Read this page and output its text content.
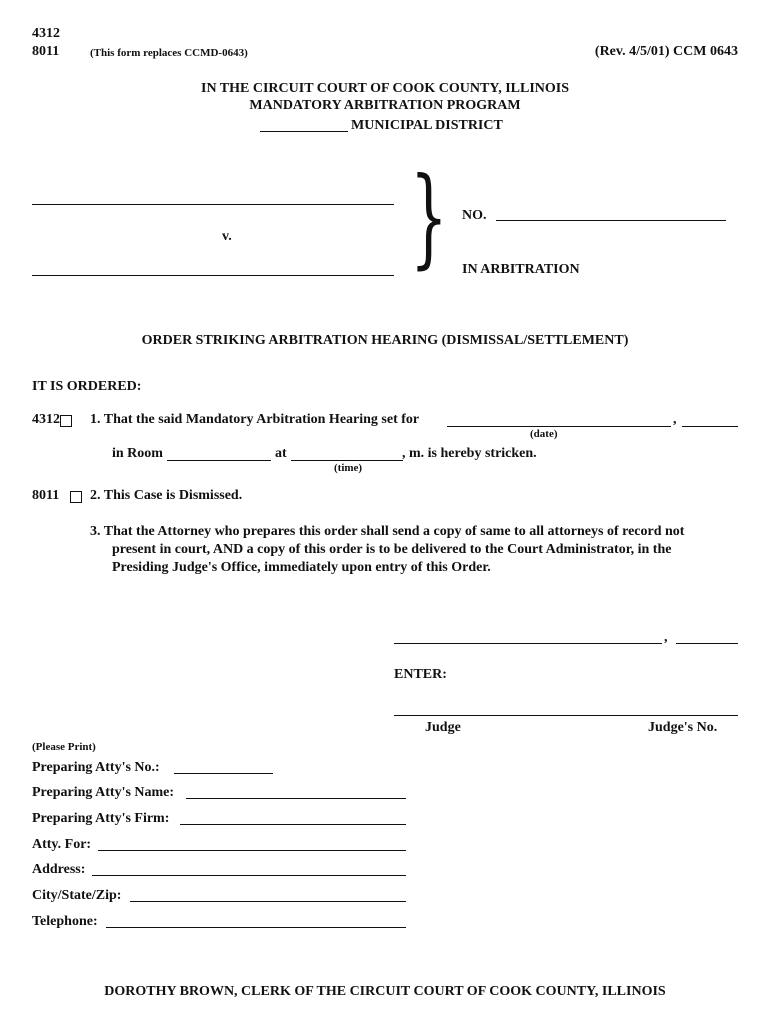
4312
8011	(This form replaces CCMD-0643)	(Rev. 4/5/01) CCM 0643
IN THE CIRCUIT COURT OF COOK COUNTY, ILLINOIS
MANDATORY ARBITRATION PROGRAM
MUNICIPAL DISTRICT
v. } NO.
IN ARBITRATION
ORDER STRIKING ARBITRATION HEARING (DISMISSAL/SETTLEMENT)
IT IS ORDERED:
4312 1. That the said Mandatory Arbitration Hearing set for	,
(date)
in Room	at	, m. is hereby stricken.
(time)
8011 2. This Case is Dismissed.
3. That the Attorney who prepares this order shall send a copy of same to all attorneys of record not
present in court, AND a copy of this order is to be delivered to the Court Administrator, in the
Presiding Judge's Office, immediately upon entry of this Order.
,
ENTER:
Judge	Judge's No.
(Please Print)
Preparing Atty's No.:
Preparing Atty's Name:
Preparing Atty's Firm:
Atty. For:
Address:
City/State/Zip:
Telephone:
DOROTHY BROWN, CLERK OF THE CIRCUIT COURT OF COOK COUNTY, ILLINOIS
